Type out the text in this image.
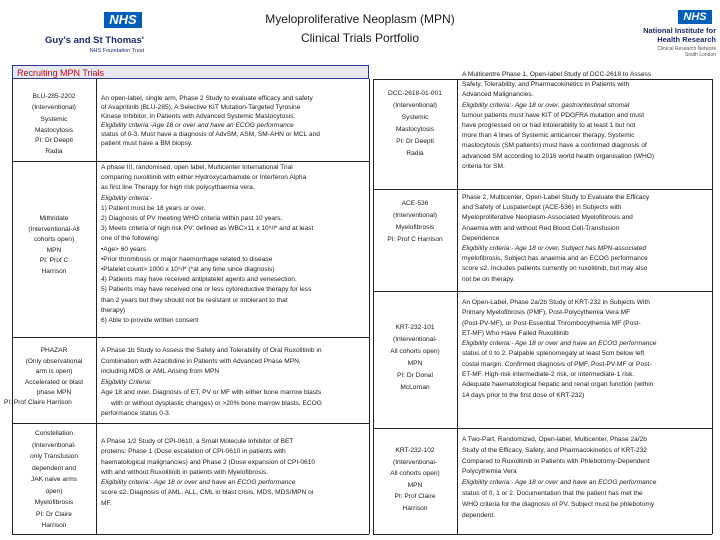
NHS
Guy's and St Thomas'
NHS Foundation Trust
Myeloproliferative Neoplasm (MPN)
Clinical Trials Portfolio
NHS
National Institute for
Health Research
Clinical Research Network
South London
Recruiting MPN Trials
BLU-285-2202
(Interventional)
Systemic
Mastocytosis
PI: Dr Deepti
Radia
An open-label, single arm, Phase 2 Study to evaluate efficacy and safety
of Avapritinib (BLU-285), A Selective KIT Mutation-Targeted Tyrosine
Kinase Inhibitor, in Patients with Advanced Systemic Mastocytosis.
Eligibility criteria:-Age 18 or over and have an ECOG performance
status of 0-3. Must have a diagnosis of AdvSM, ASM, SM-AHN or MCL and
patient must have a BM biopsy.
Mithridate
(Interventional-All
cohorts open)
MPN
PI: Prof C
Harrison
A phase III, randomised, open label, Multicenter International Trial
comparing ruxolitinib with either Hydroxycarbamide or Interferon Alpha
as first line Therapy for high risk polycythaemia vera.
Eligibility criteria:-
1) Patient must be 18 years or over.
2) Diagnosis of PV meeting WHO criteria within past 10 years.
3) Meets criteria of high risk PV: defined as WBC>11 x 10⁹/l* and at least
one of the following:
•Age> 60 years
•Prior thrombosis or major haemorrhage related to disease
•Platelet count> 1000 x 10⁹/l* (*at any time since diagnosis)
4) Patients may have received antiplatelet agents and venesection.
5) Patients may have received one or less cytoreductive therapy for less
than 2 years but they should not be resistant or intolerant to that
therapy)
6) Able to provide written consent
PHAZAR
(Only observational
arm is open)
Accelerated or blast
phase MPN
PI: Prof Claire Harrison
A Phase 1b Study to Assess the Safety and Tolerability of Oral Ruxolitinib in
Combination with Azacitidine in Patients with Advanced Phase MPN,
including MDS or AML Arising from MPN
Eligibility Criteria:
Age 18 and over, Diagnosis of ET, PV or MF with either bone marrow blasts
with or without dysplastic changes) or >20% bone marrow blasts, ECOG
performance status 0-3.
Constellation
(Interventional-
only Transfusion
dependent and
JAK naive arms
open)
Myelofibrosis
PI: Dr Claire
Harrison
A Phase 1/2 Study of CPI-0610, a Small Molecule Inhibitor of BET
proteins: Phase 1 (Dose escalation of CPI-0610 in patients with
haematological malignancies) and Phase 2 (Dose expansion of CPI-0610
with and without Ruxolitinib in patients with Myelofibrosis.
Eligibility criteria:- Age 18 or over and have an ECOG performance
score ≤2. Diagnosis of AML, ALL, CML in blast crisis, MDS, MDS/MPN or
MF.
DCC-2618-01-001
(Interventional)
Systemic
Mastocytosis
PI: Dr Deepti
Radia
A Multicentre Phase 1, Open-label Study of DCC-2618 to Assess
Safety, Tolerability, and Pharmacokinetics in Patients with
Advanced Malignancies.
Eligibility criteria:- Age 18 or over, gastrointestinal stromal
tumour patients must have KIT of PDGFRA mutation and must
have progressed on or had intolerability to at least 1 but not
more than 4 lines of Systemic anticancer therapy, Systemic
mastocytosis (SM patients) must have a confirmed diagnosis of
advanced SM according to 2016 world health organisation (WHO)
criteria for SM.
ACE-536
(Interventional)
Myelofibrosis
PI: Prof C Harrison
Phase 2, Multicenter, Open-Label Study to Evaluate the Efficacy
and Safety of Luspatercept (ACE-536) in Subjects with
Myeloproliferative Neoplasm-Associated Myelofibrosis and
Anaemia with and without Red Blood Cell-Transfusion
Dependence
Eligibility criteria:- Age 18 or over, Subject has MPN-associated
myelofibrosis, Subject has anaemia and an ECOG performance
score ≤2. Includes patients currently on ruxolitinib, but may also
not be on therapy.
KRT-232-101
(Interventional-
All cohorts open)
MPN
PI: Dr Donal
McLornan
An Open-Label, Phase 2a/2b Study of KRT-232 in Subjects With
Primary Myelofibrosis (PMF), Post-Polycythemia Vera MF
(Post-PV-MF), or Post-Essential Thrombocythemia MF (Post-
ET-MF) Who Have Failed Ruxolitinib
Eligibility criteria:- Age 18 or over and have an ECOG performance
status of 0 to 2. Palpable splenomegaly at least 5cm below left
costal margin. Confirmed diagnosis of PMF, Post-PV-MF or Post-
ET-MF. High-risk intermediate-2 risk, or intermediate-1 risk.
Adequate haematological hepatic and renal organ function (within
14 days prior to the first dose of KRT-232)
KRT-232-102
(Interventional-
All cohorts open)
MPN
PI: Prof Claire
Harrison
A Two-Part, Randomized, Open-label, Multicenter, Phase 2a/2b
Study of the Efficacy, Safety, and Pharmacokinetics of KRT-232
Compared to Ruxolitinib in Patients with Phlebotomy-Dependent
Polycythemia Vera
Eligibility criteria:- Age 18 or over and have an ECOG performance
status of 0, 1 or 2. Documentation that the patient has met the
WHO criteria for the diagnosis of PV. Subject must be phlebotomy
dependent.
